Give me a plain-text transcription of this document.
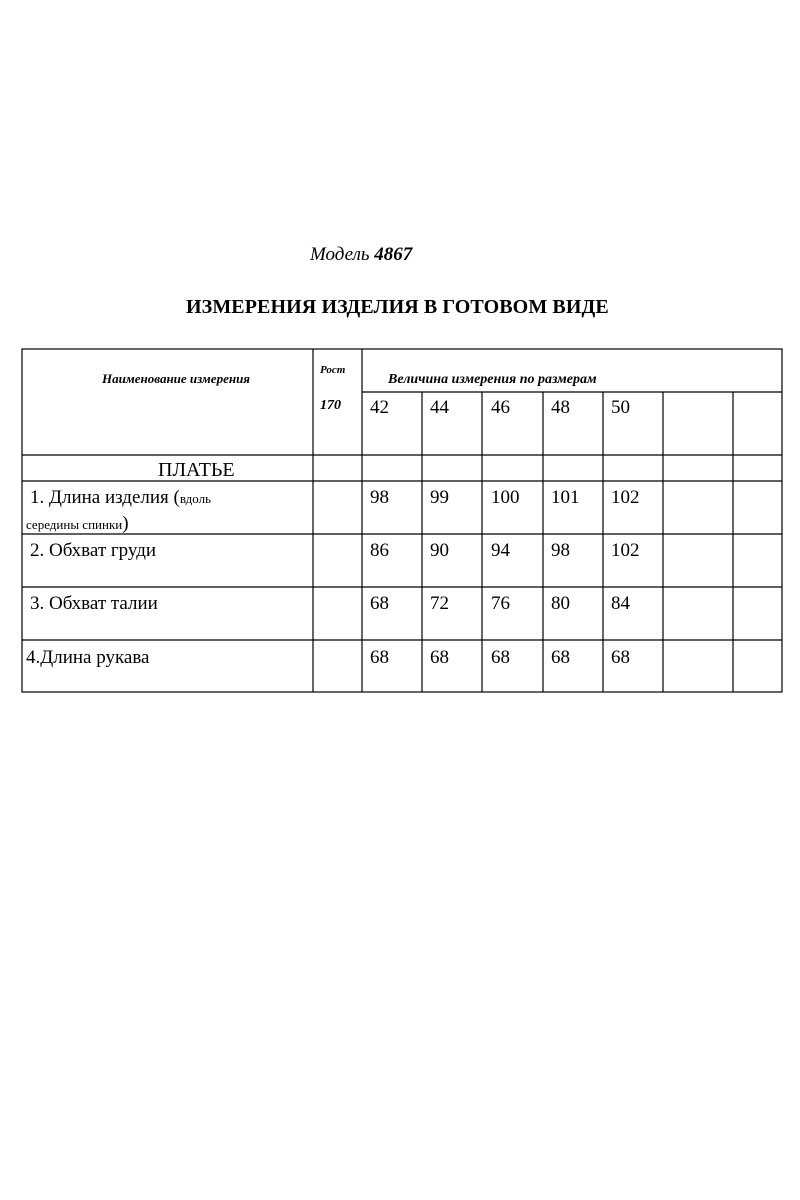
Модель 4867
ИЗМЕРЕНИЯ ИЗДЕЛИЯ В ГОТОВОМ ВИДЕ
Наименование измерения
Рост
170
Величина измерения по размерам
42 44 46 48 50
ПЛАТЬЕ
1. Длина изделия (вдоль
середины спинки)
98 99 100 101 102
2. Обхват груди	86 90 94 98 102
3. Обхват талии	68 72 76 80 84
4.Длина рукава	68 68 68 68 68
